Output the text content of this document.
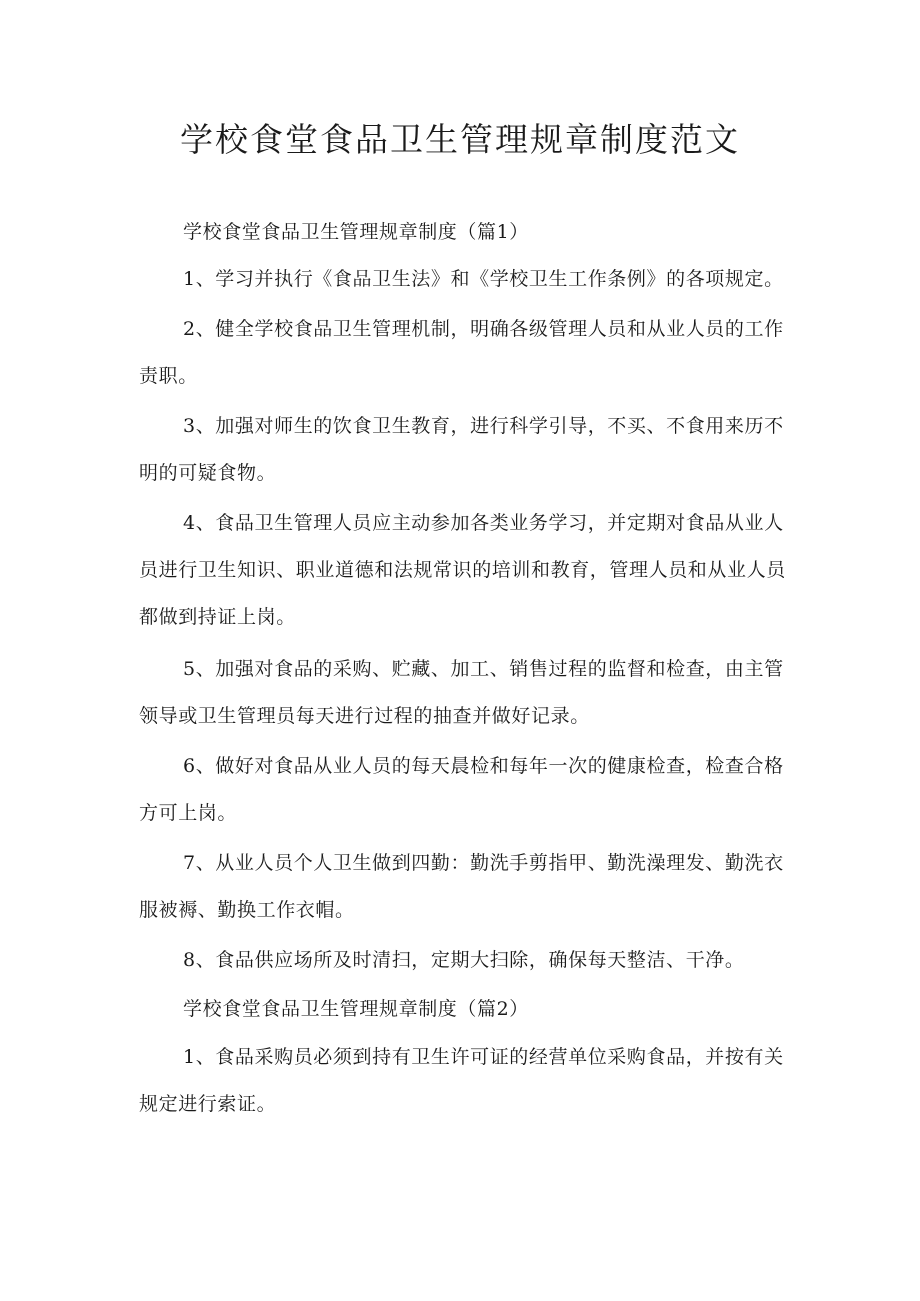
学校食堂食品卫生管理规章制度范文

学校食堂食品卫生管理规章制度（篇1）

1、学习并执行《食品卫生法》和《学校卫生工作条例》的各项规定。

2、健全学校食品卫生管理机制，明确各级管理人员和从业人员的工作责职。

3、加强对师生的饮食卫生教育，进行科学引导，不买、不食用来历不明的可疑食物。

4、食品卫生管理人员应主动参加各类业务学习，并定期对食品从业人员进行卫生知识、职业道德和法规常识的培训和教育，管理人员和从业人员都做到持证上岗。

5、加强对食品的采购、贮藏、加工、销售过程的监督和检查，由主管领导或卫生管理员每天进行过程的抽查并做好记录。

6、做好对食品从业人员的每天晨检和每年一次的健康检查，检查合格方可上岗。

7、从业人员个人卫生做到四勤：勤洗手剪指甲、勤洗澡理发、勤洗衣服被褥、勤换工作衣帽。

8、食品供应场所及时清扫，定期大扫除，确保每天整洁、干净。

学校食堂食品卫生管理规章制度（篇2）

1、食品采购员必须到持有卫生许可证的经营单位采购食品，并按有关规定进行索证。
